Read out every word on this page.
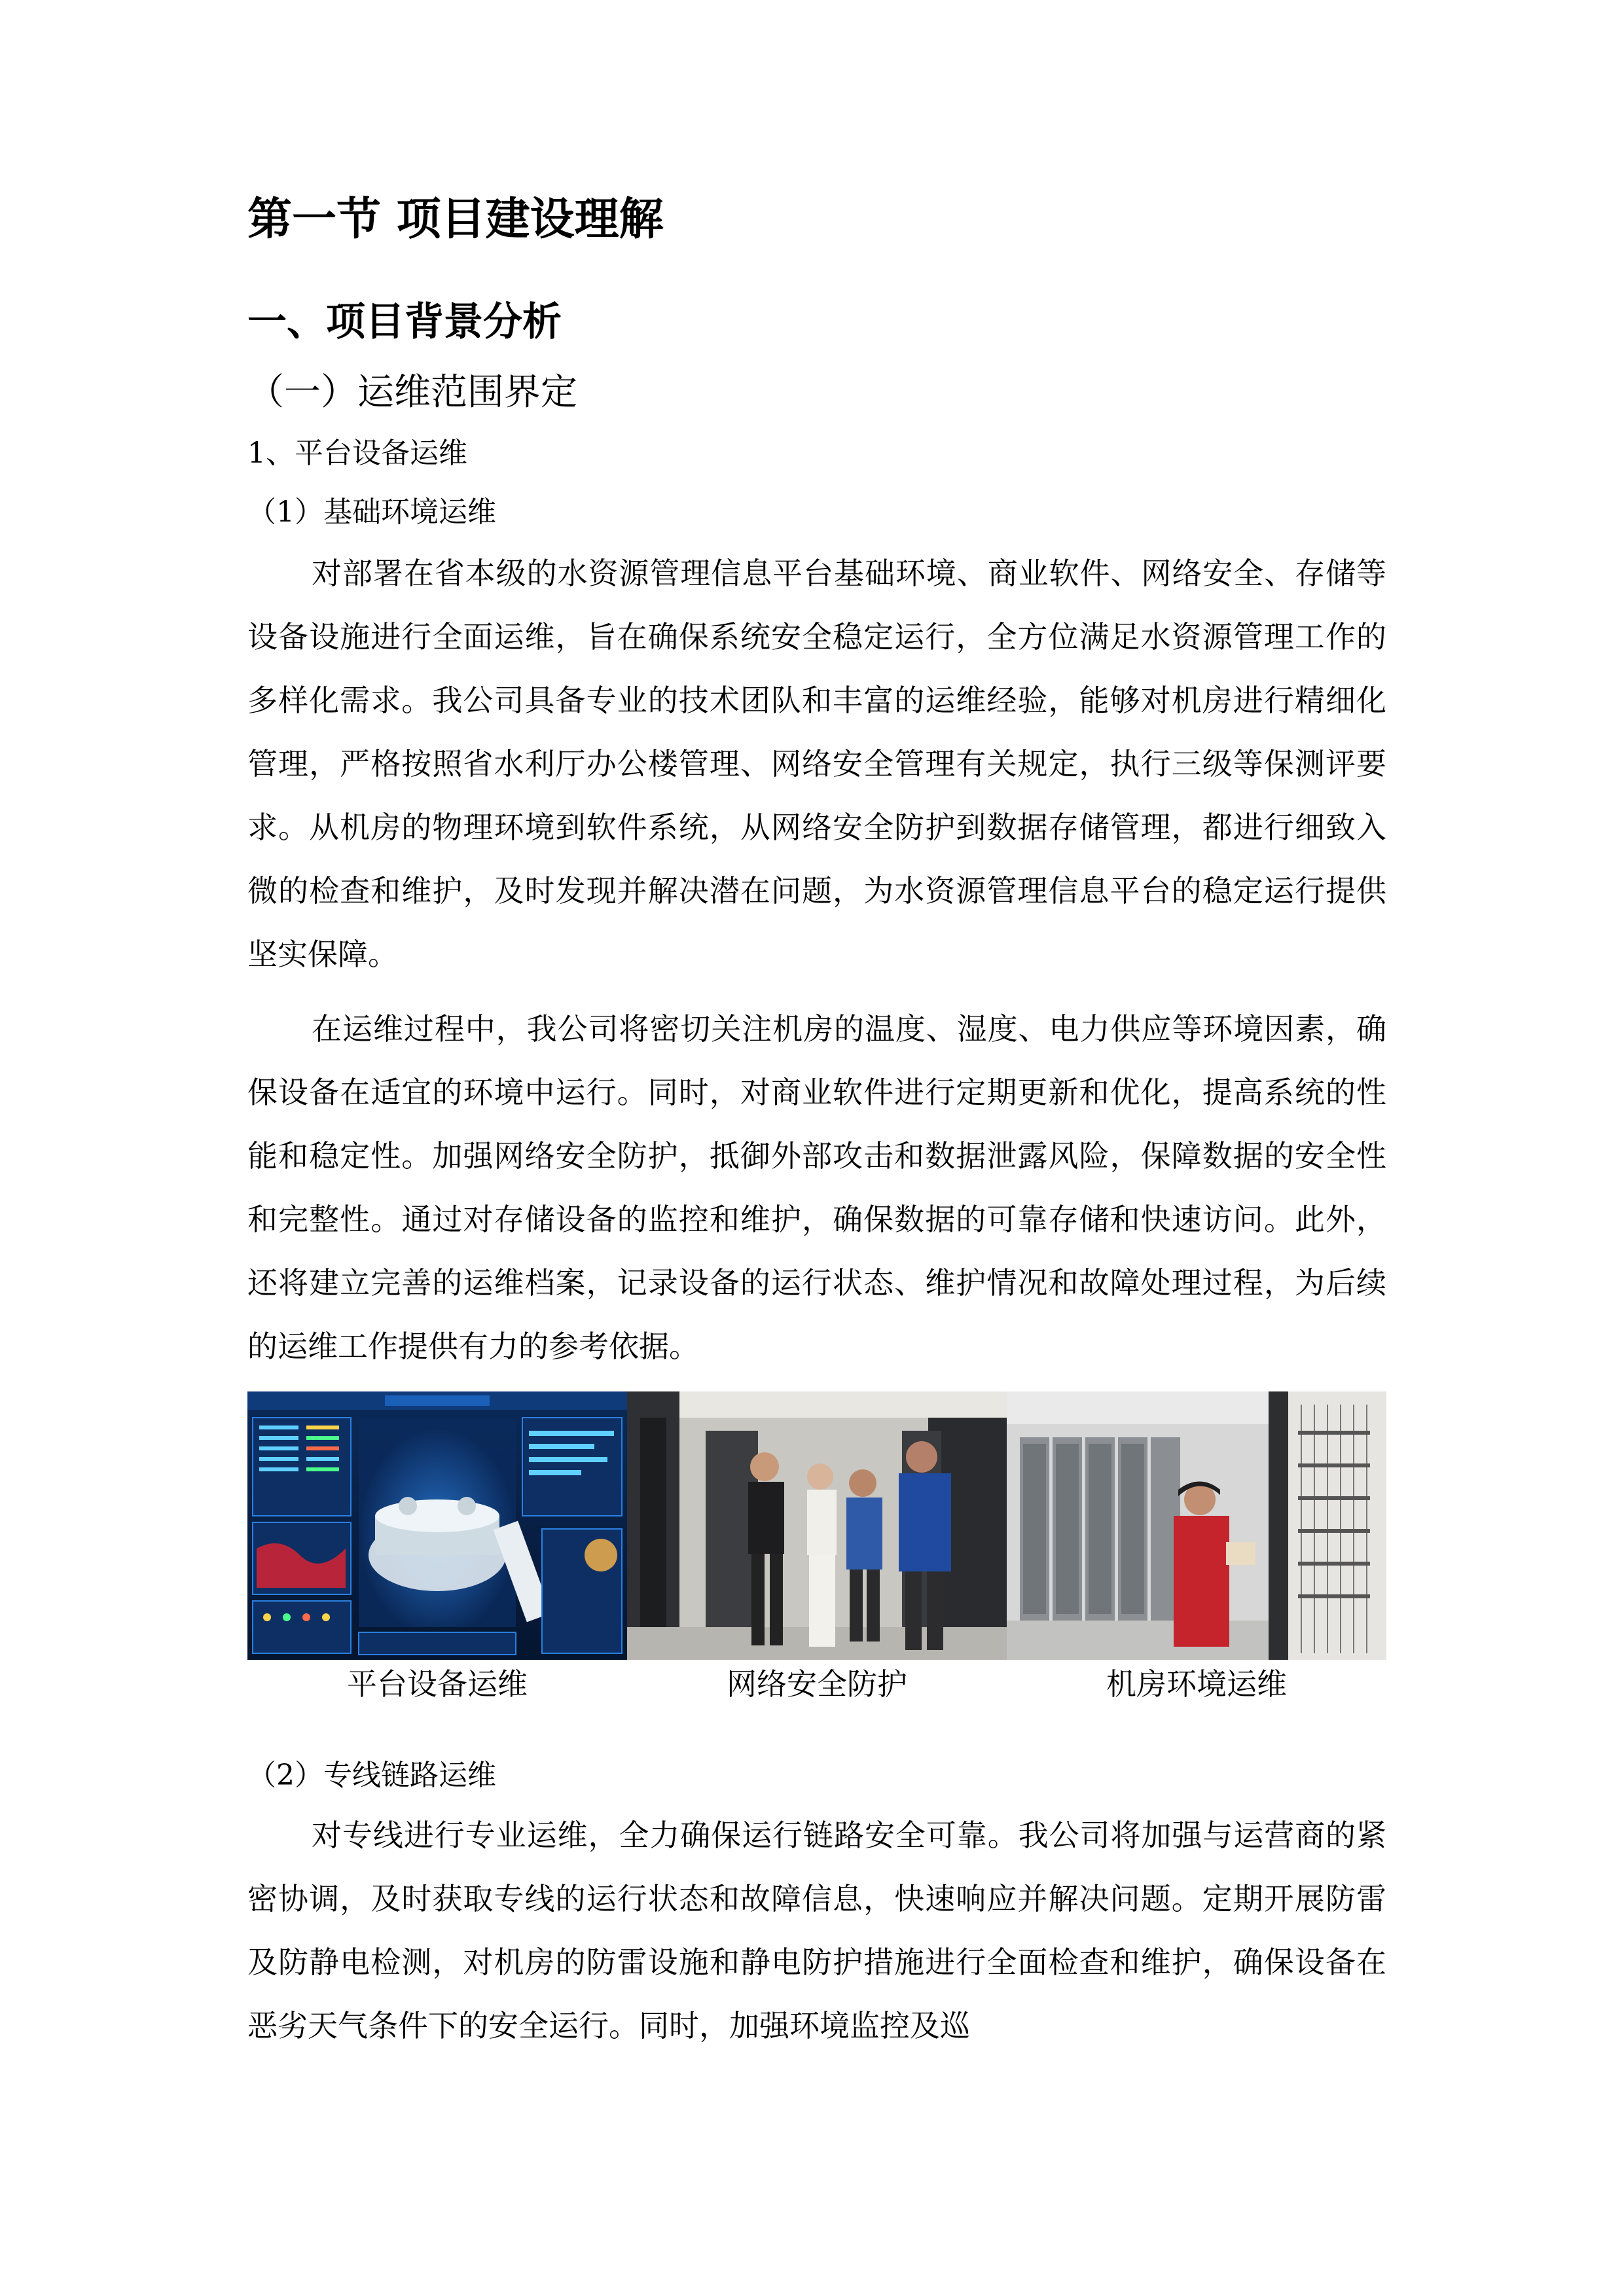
第一节 项目建设理解
一、项目背景分析
（一）运维范围界定
1、平台设备运维
（1）基础环境运维

对部署在省本级的水资源管理信息平台基础环境、商业软件、网络安全、存储等设备设施进行全面运维，旨在确保系统安全稳定运行，全方位满足水资源管理工作的多样化需求。我公司具备专业的技术团队和丰富的运维经验，能够对机房进行精细化管理，严格按照省水利厅办公楼管理、网络安全管理有关规定，执行三级等保测评要求。从机房的物理环境到软件系统，从网络安全防护到数据存储管理，都进行细致入微的检查和维护，及时发现并解决潜在问题，为水资源管理信息平台的稳定运行提供坚实保障。

在运维过程中，我公司将密切关注机房的温度、湿度、电力供应等环境因素，确保设备在适宜的环境中运行。同时，对商业软件进行定期更新和优化，提高系统的性能和稳定性。加强网络安全防护，抵御外部攻击和数据泄露风险，保障数据的安全性和完整性。通过对存储设备的监控和维护，确保数据的可靠存储和快速访问。此外，还将建立完善的运维档案，记录设备的运行状态、维护情况和故障处理过程，为后续的运维工作提供有力的参考依据。

平台设备运维	网络安全防护	机房环境运维
（2）专线链路运维

对专线进行专业运维，全力确保运行链路安全可靠。我公司将加强与运营商的紧密协调，及时获取专线的运行状态和故障信息，快速响应并解决问题。定期开展防雷及防静电检测，对机房的防雷设施和静电防护措施进行全面检查和维护，确保设备在恶劣天气条件下的安全运行。同时，加强环境监控及巡
